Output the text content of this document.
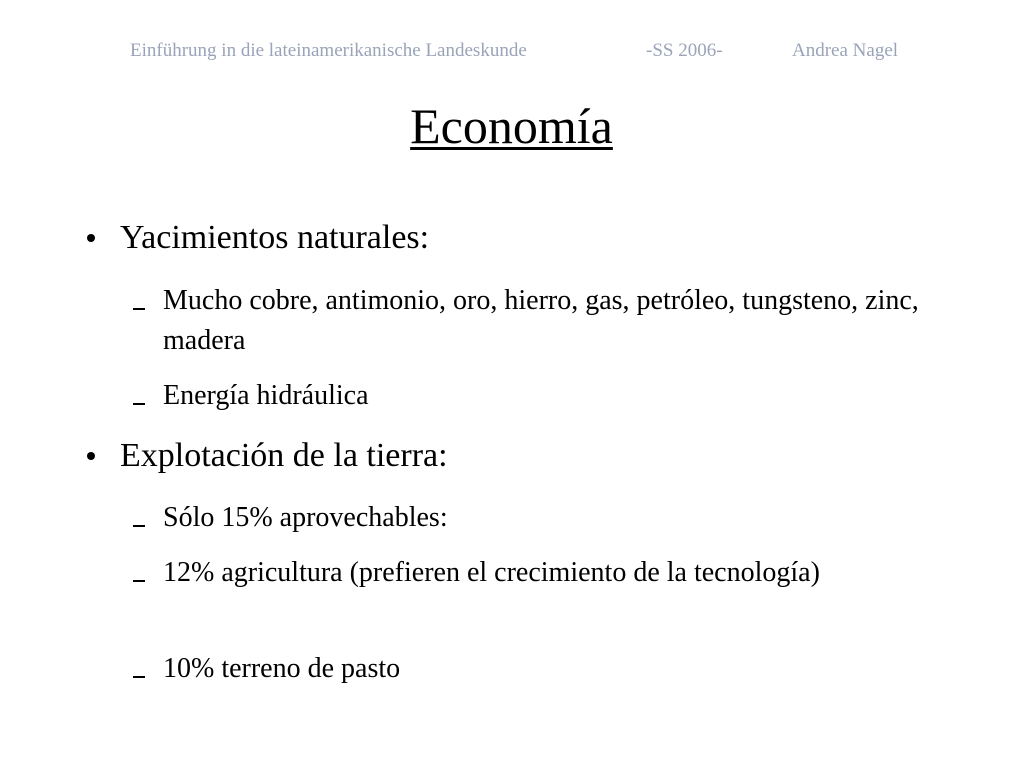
Einführung in die lateinamerikanische Landeskunde	-SS 2006-	Andrea Nagel
Economía
Yacimientos naturales:
Mucho cobre, antimonio, oro, hierro, gas, petróleo, tungsteno, zinc, madera
Energía hidráulica
Explotación de la tierra:
Sólo 15% aprovechables:
12% agricultura (prefieren el crecimiento de la tecnología)
10% terreno de pasto
